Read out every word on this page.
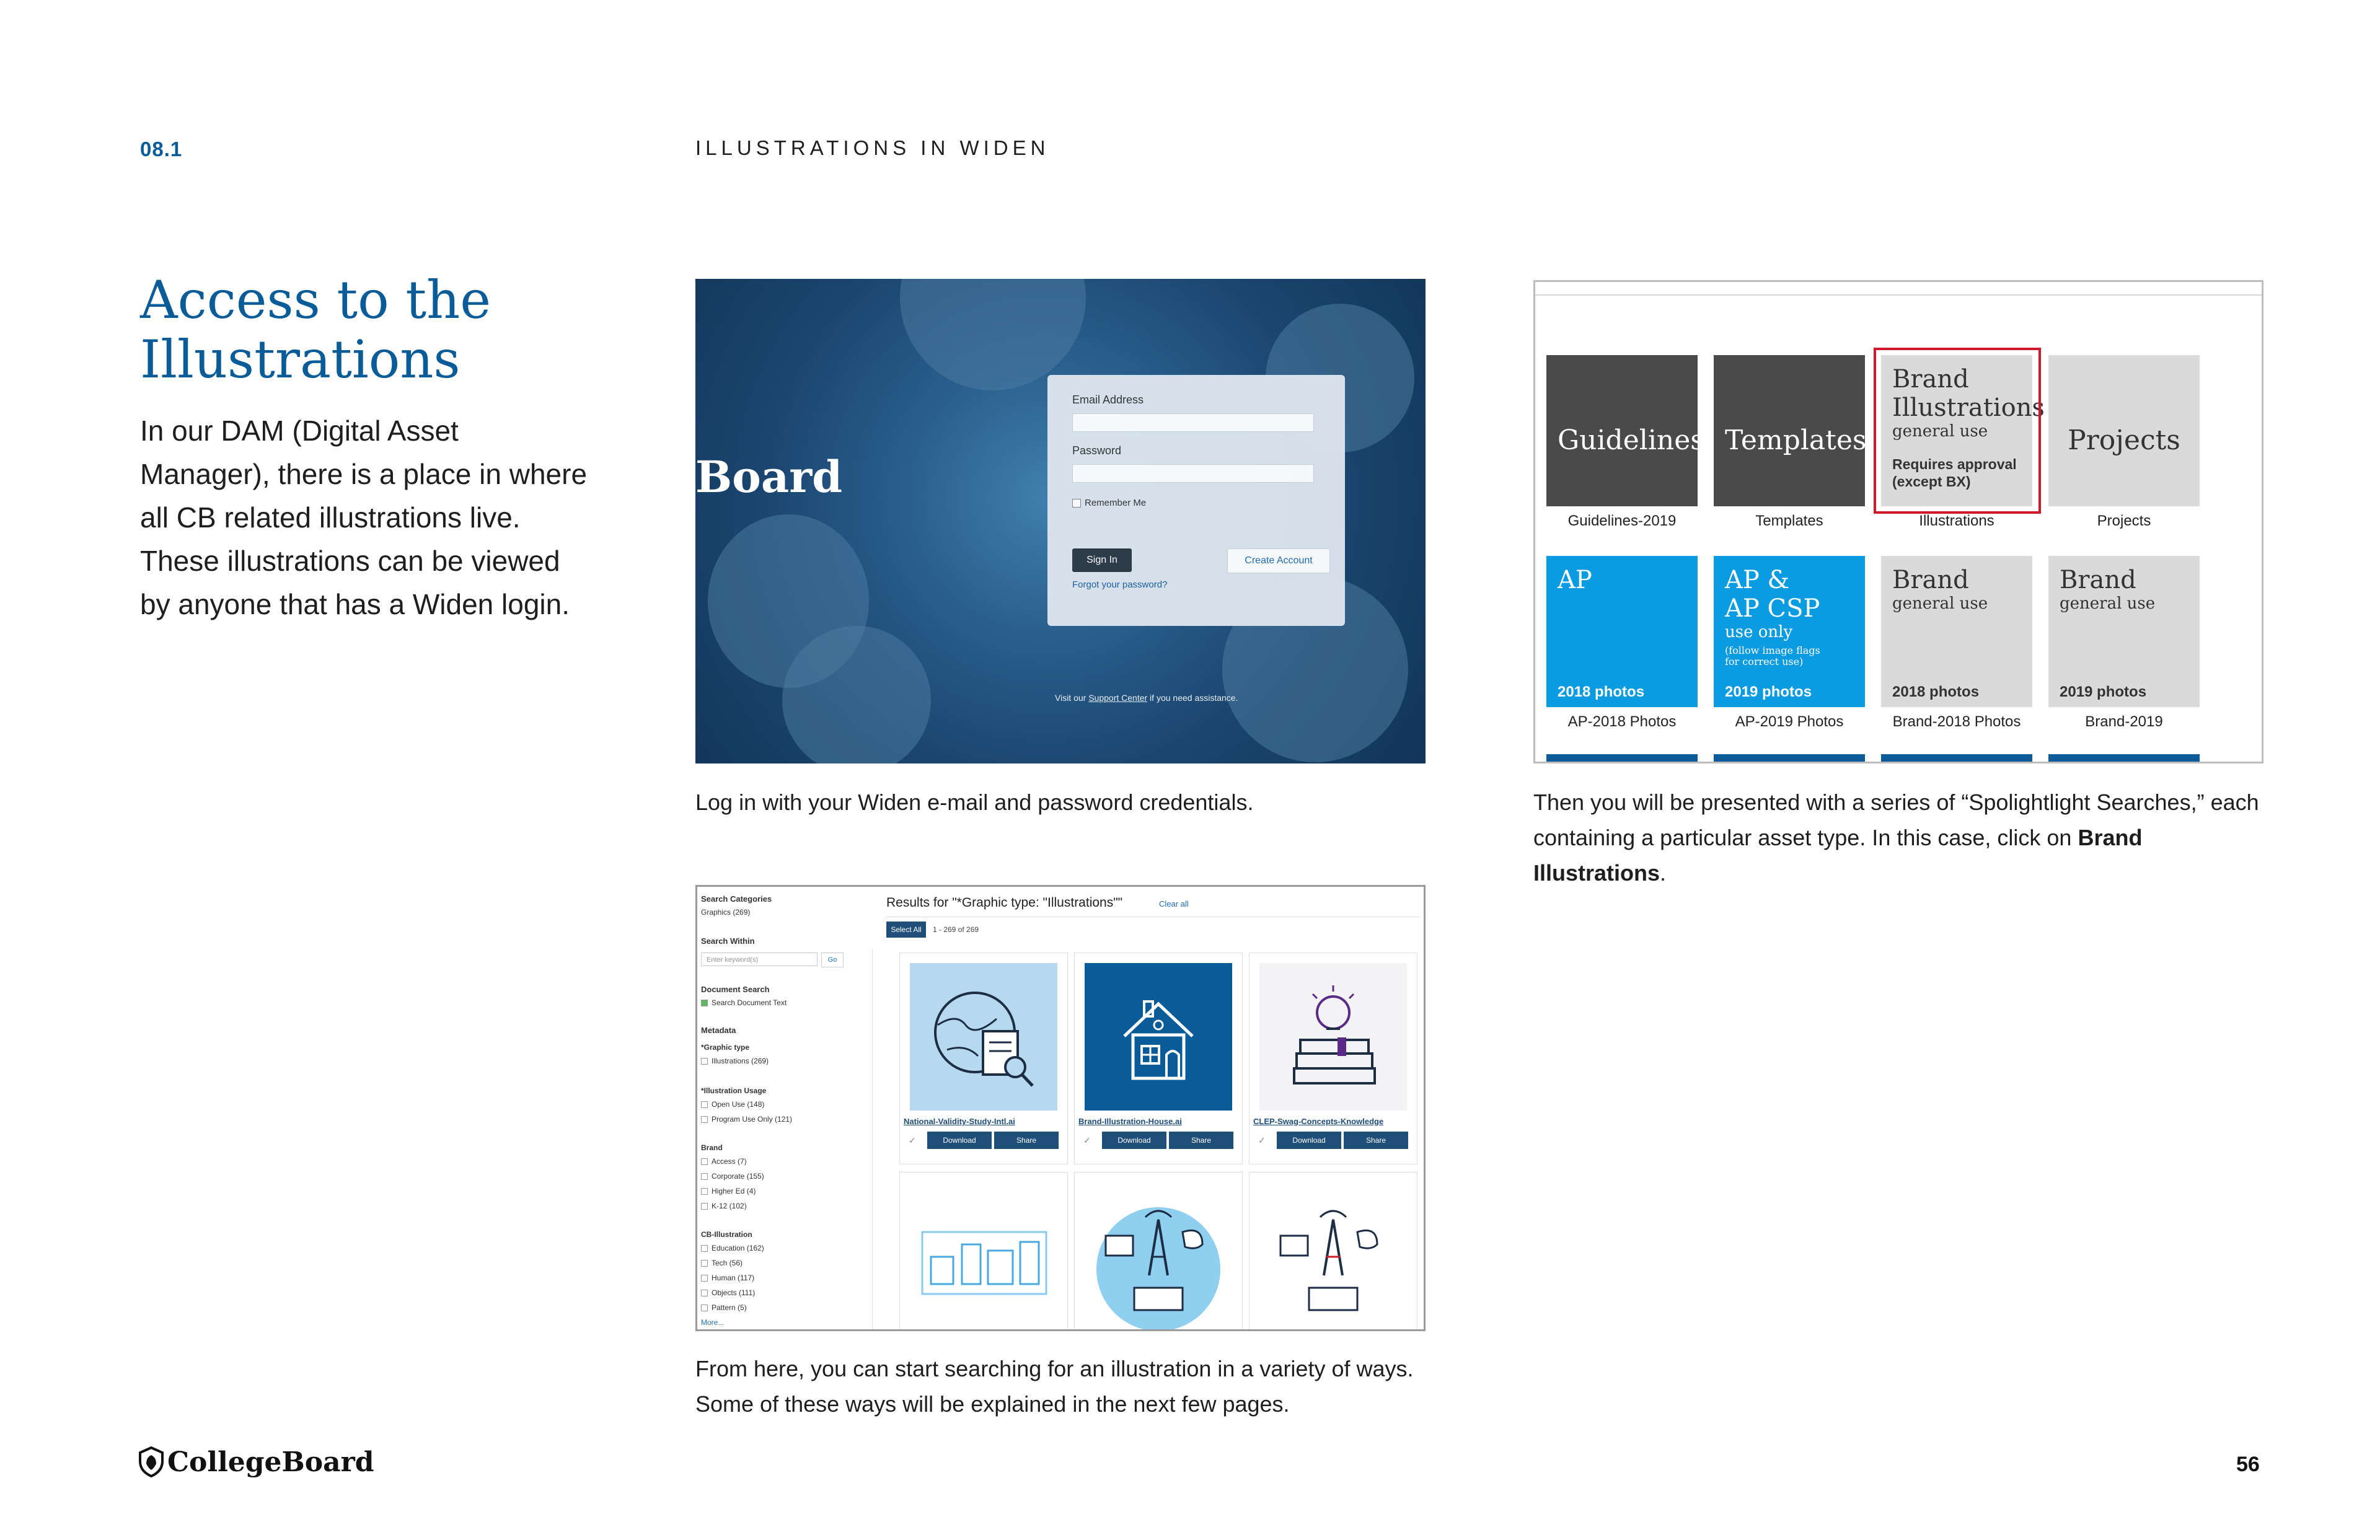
08.1	ILLUSTRATIONS IN WIDEN
Access to the
Illustrations
In our DAM (Digital Asset
Manager), there is a place in where
all CB related illustrations live.
These illustrations can be viewed
by anyone that has a Widen login.
Board
Email Address
Password
Remember Me
Sign In	Create Account
Forgot your password?
Visit our Support Center if you need assistance.
Log in with your Widen e-mail and password credentials.
Guidelines Templates
Brand
Illustrations
general use
Requires approval
(except BX)
Projects
Guidelines-2019	Templates	Illustrations	Projects
AP
2018 photos
AP &
AP CSP
use only
(follow image flags
for correct use)
2019 photos
Brand
general use
2018 photos
Brand
general use
2019 photos
AP-2018 Photos	AP-2019 Photos	Brand-2018 Photos	Brand-2019
Then you will be presented with a series of “Spolightlight Searches,” each containing a particular asset type. In this case, click on Brand Illustrations.
Search Categories
Graphics (269)
Search Within
Enter keyword(s)	Go
Document Search
Search Document Text
Metadata
*Graphic type
Illustrations (269)
*Illustration Usage
Open Use (148)
Program Use Only (121)
Brand
Access (7)
Corporate (155)
Higher Ed (4)
K-12 (102)
CB-Illustration
Education (162)
Tech (56)
Human (117)
Objects (111)
Pattern (5)
More...
Results for "*Graphic type: "Illustrations""	Clear all
Select All	1 - 269 of 269
National-Validity-Study-Intl.ai
✓	Download	Share
Brand-Illustration-House.ai
✓	Download	Share
CLEP-Swag-Concepts-Knowledge
✓	Download	Share
From here, you can start searching for an illustration in a variety of ways.
Some of these ways will be explained in the next few pages.
CollegeBoard	56
